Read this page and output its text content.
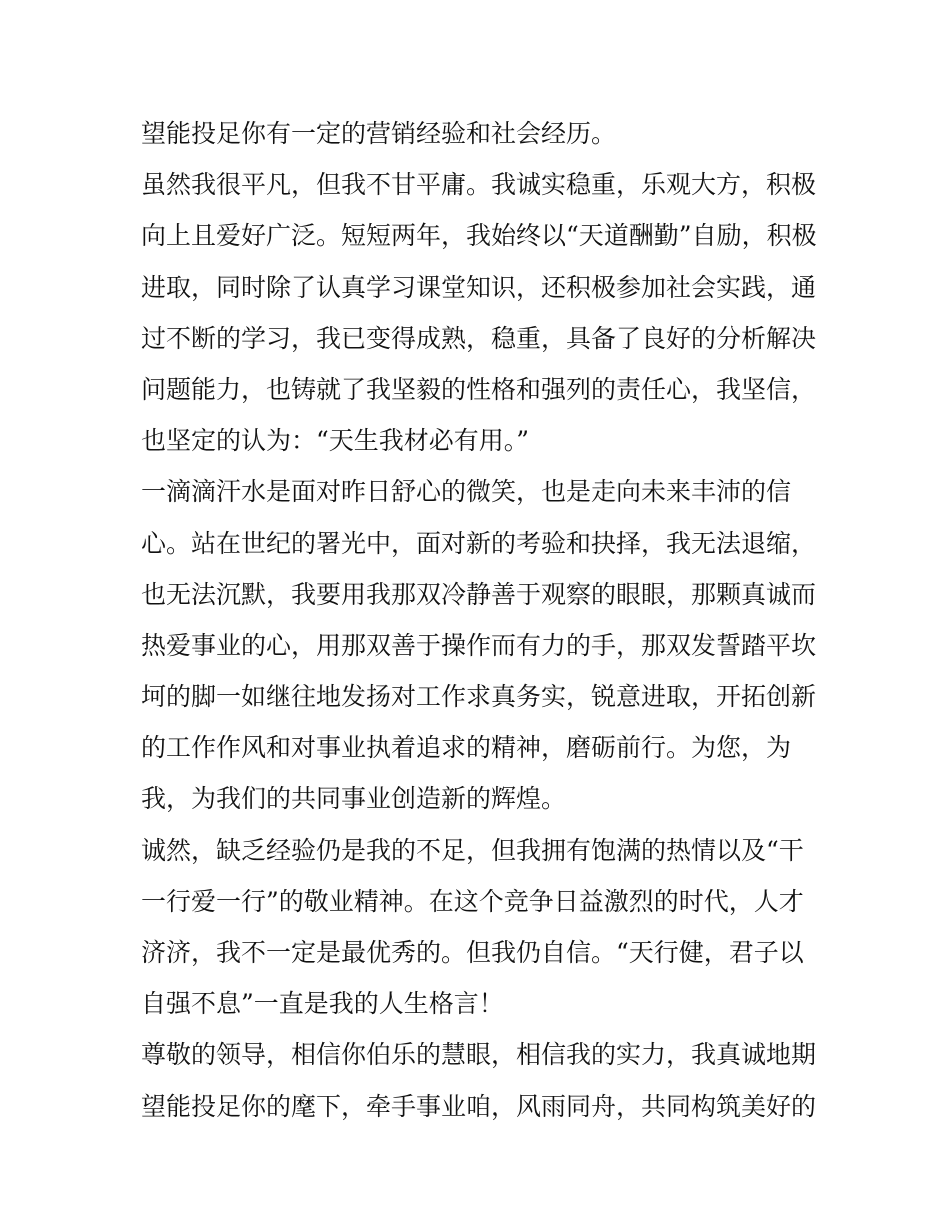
望能投足你有一定的营销经验和社会经历。
虽然我很平凡，但我不甘平庸。我诚实稳重，乐观大方，积极
向上且爱好广泛。短短两年，我始终以“天道酬勤”自励，积极
进取，同时除了认真学习课堂知识，还积极参加社会实践，通
过不断的学习，我已变得成熟，稳重，具备了良好的分析解决
问题能力，也铸就了我坚毅的性格和强列的责任心，我坚信，
也坚定的认为：“天生我材必有用。”
一滴滴汗水是面对昨日舒心的微笑，也是走向未来丰沛的信
心。站在世纪的署光中，面对新的考验和抉择，我无法退缩，
也无法沉默，我要用我那双冷静善于观察的眼眼，那颗真诚而
热爱事业的心，用那双善于操作而有力的手，那双发誓踏平坎
坷的脚一如继往地发扬对工作求真务实，锐意进取，开拓创新
的工作作风和对事业执着追求的精神，磨砺前行。为您，为
我，为我们的共同事业创造新的辉煌。
诚然，缺乏经验仍是我的不足，但我拥有饱满的热情以及“干
一行爱一行”的敬业精神。在这个竞争日益激烈的时代，人才
济济，我不一定是最优秀的。但我仍自信。“天行健，君子以
自强不息”一直是我的人生格言！
尊敬的领导，相信你伯乐的慧眼，相信我的实力，我真诚地期
望能投足你的麾下，牵手事业咱，风雨同舟，共同构筑美好的
